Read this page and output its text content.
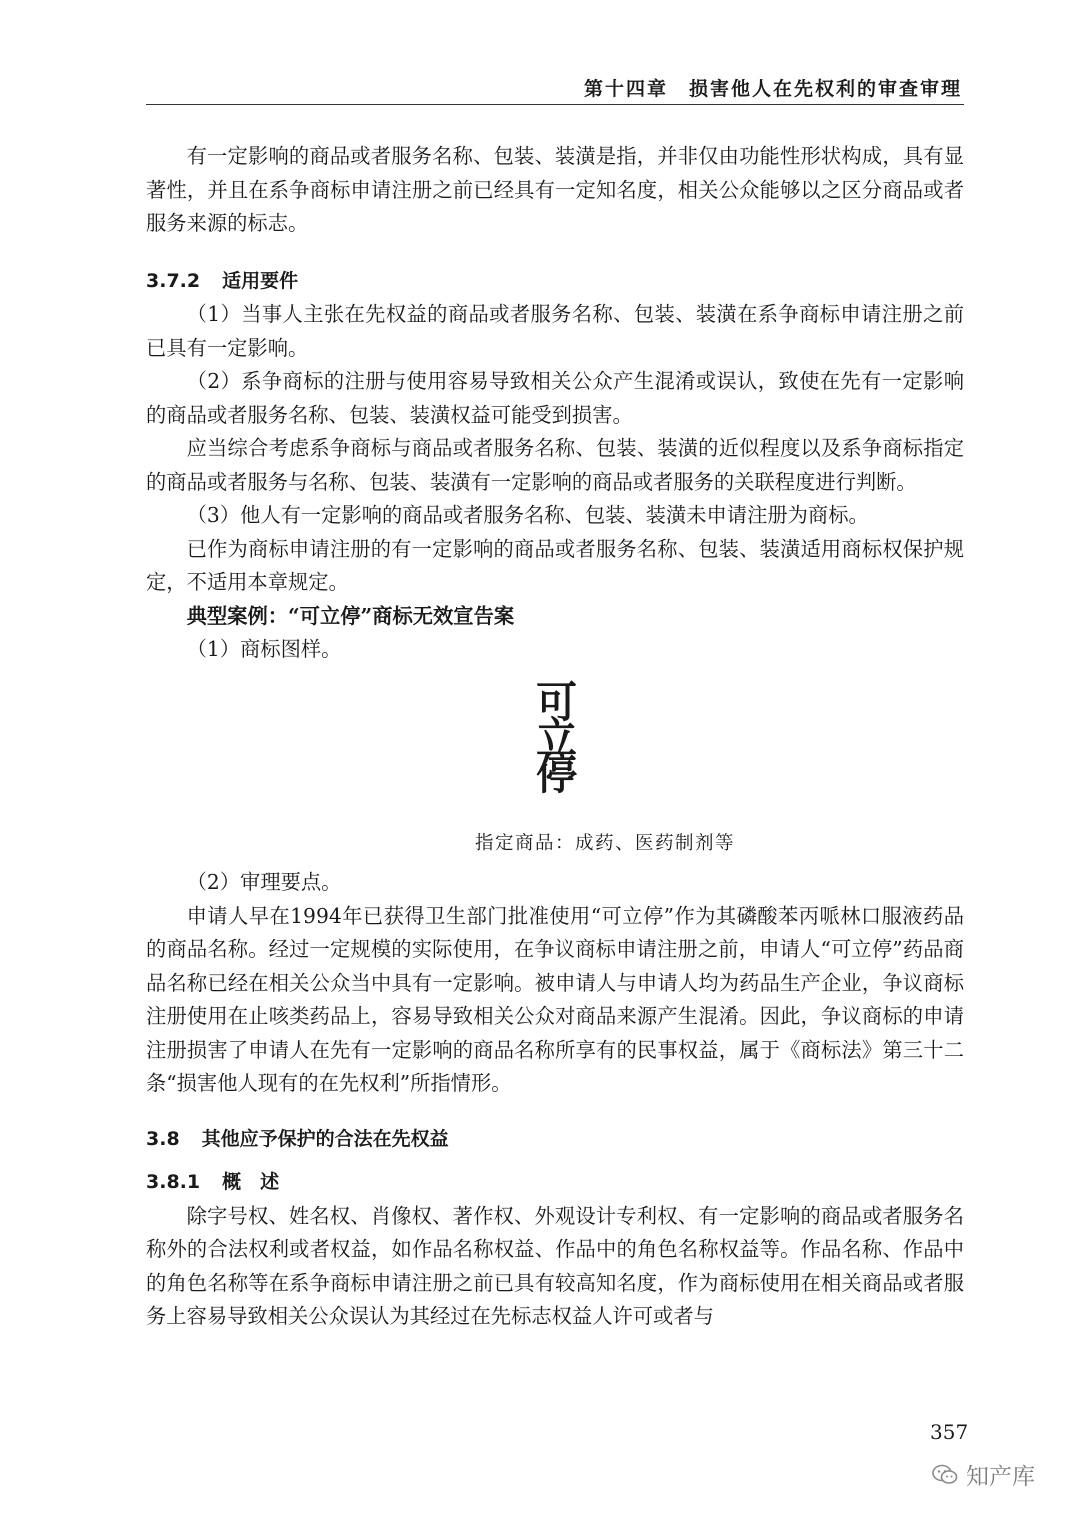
第十四章　损害他人在先权利的审查审理

有一定影响的商品或者服务名称、包装、装潢是指，并非仅由功能性形状构成，具有显著性，并且在系争商标申请注册之前已经具有一定知名度，相关公众能够以之区分商品或者服务来源的标志。

3.7.2 适用要件

（1）当事人主张在先权益的商品或者服务名称、包装、装潢在系争商标申请注册之前已具有一定影响。

（2）系争商标的注册与使用容易导致相关公众产生混淆或误认，致使在先有一定影响的商品或者服务名称、包装、装潢权益可能受到损害。

应当综合考虑系争商标与商品或者服务名称、包装、装潢的近似程度以及系争商标指定的商品或者服务与名称、包装、装潢有一定影响的商品或者服务的关联程度进行判断。

（3）他人有一定影响的商品或者服务名称、包装、装潢未申请注册为商标。

已作为商标申请注册的有一定影响的商品或者服务名称、包装、装潢适用商标权保护规定，不适用本章规定。

典型案例：“可立停”商标无效宣告案

（1）商标图样。

可
立
停

指定商品：成药、医药制剂等

（2）审理要点。

申请人早在1994年已获得卫生部门批准使用“可立停”作为其磷酸苯丙哌林口服液药品的商品名称。经过一定规模的实际使用，在争议商标申请注册之前，申请人“可立停”药品商品名称已经在相关公众当中具有一定影响。被申请人与申请人均为药品生产企业，争议商标注册使用在止咳类药品上，容易导致相关公众对商品来源产生混淆。因此，争议商标的申请注册损害了申请人在先有一定影响的商品名称所享有的民事权益，属于《商标法》第三十二条“损害他人现有的在先权利”所指情形。

3.8 其他应予保护的合法在先权益

3.8.1 概　述

除字号权、姓名权、肖像权、著作权、外观设计专利权、有一定影响的商品或者服务名称外的合法权利或者权益，如作品名称权益、作品中的角色名称权益等。作品名称、作品中的角色名称等在系争商标申请注册之前已具有较高知名度，作为商标使用在相关商品或者服务上容易导致相关公众误认为其经过在先标志权益人许可或者与

357
知产库
